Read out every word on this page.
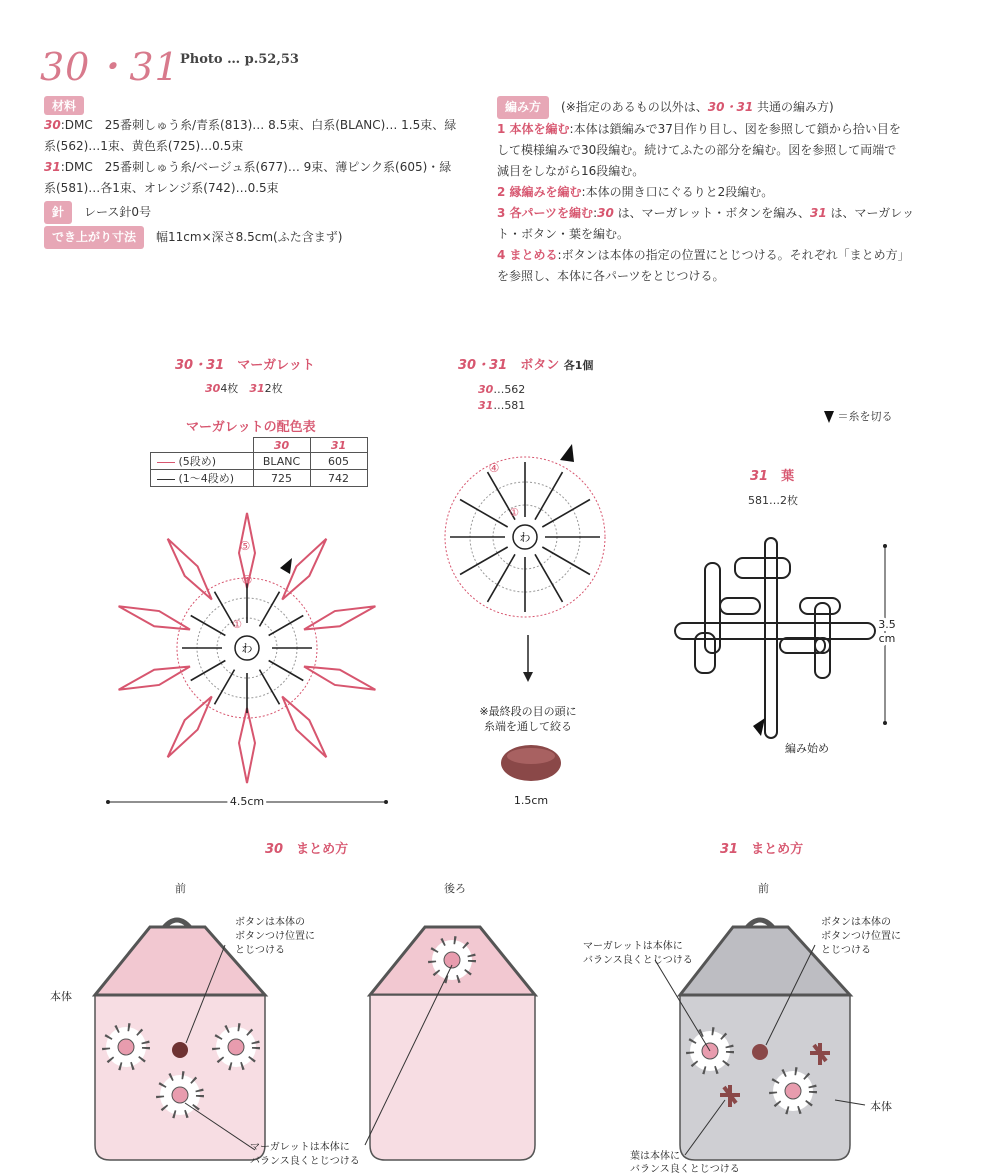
30・31 Photo … p.52,53
材料
30:DMC　25番刺しゅう糸/青系(813)… 8.5束、白系(BLANC)… 1.5束、緑
系(562)…1束、黄色系(725)…0.5束
31:DMC　25番刺しゅう糸/ベージュ系(677)… 9束、薄ピンク系(605)・緑
系(581)…各1束、オレンジ系(742)…0.5束
針　 レース針0号
でき上がり寸法　 幅11cm×深さ8.5cm(ふた含まず)
編み方　 (※指定のあるもの以外は、30・31 共通の編み方)
1 本体を編む:本体は鎖編みで37目作り目し、図を参照して鎖から拾い目を
して模様編みで30段編む。続けてふたの部分を編む。図を参照して両端で
減目をしながら16段編む。
2 縁編みを編む:本体の開き口にぐるりと2段編む。
3 各パーツを編む:30 は、マーガレット・ボタンを編み、31 は、マーガレッ
ト・ボタン・葉を編む。
4 まとめる:ボタンは本体の指定の位置にとじつける。それぞれ「まとめ方」
を参照し、本体に各パーツをとじつける。
30・31　 マーガレット
304枚　 312枚
マーガレットの配色表
	30	31
(5段め)	BLANC	605
(1〜4段め)	725	742
わ
①
④
⑤
4.5cm
30・31　 ボタン 各1個
30…562
31…581
わ
①
④
※最終段の目の頭に
糸端を通して絞る
1.5cm
＝糸を切る
31　 葉
581…2枚
3.5
cm
編み始め
30　 まとめ方
前	後ろ
本体
ボタンは本体の
ボタンつけ位置に
とじつける
マーガレットは本体に
バランス良くとじつける
31　 まとめ方
前
ボタンは本体の
ボタンつけ位置に
とじつける
マーガレットは本体に
バランス良くとじつける
本体
葉は本体に
バランス良くとじつける
